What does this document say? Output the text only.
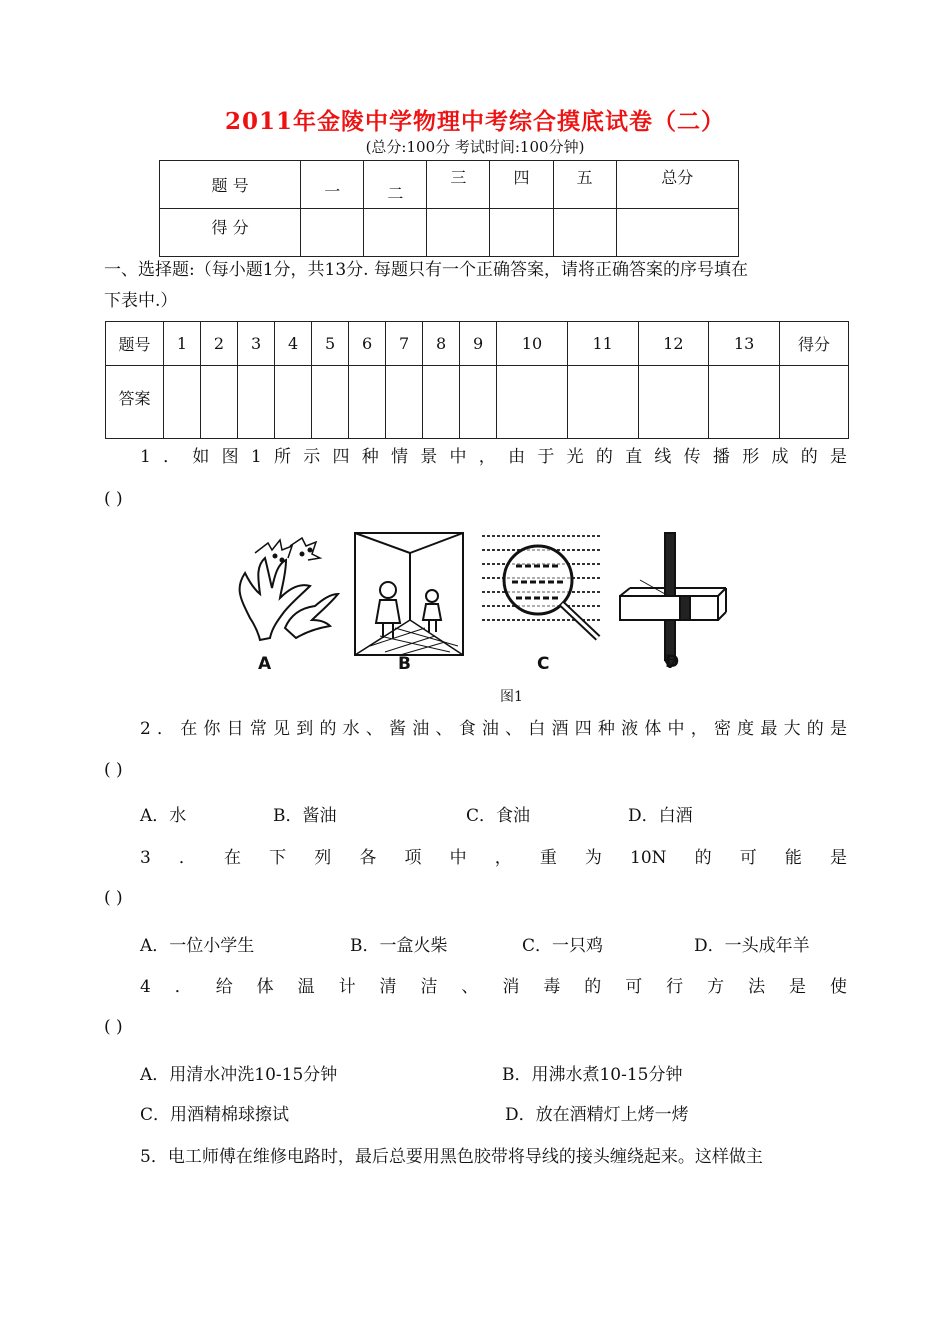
2011年金陵中学物理中考综合摸底试卷（二）
(总分:100分 考试时间:100分钟)
题 号	一	二	三	四	五	总分
得 分						
一、选择题:（每小题1分，共13分. 每题只有一个正确答案，请将正确答案的序号填在
下表中.）
题号	1	2	3	4	5	6	7	8	9	10	11	12	13	得分
答案														
1．如图1所示四种情景中，由于光的直线传播形成的是
( )
A	B	C	D
图1
2．在你日常见到的水、酱油、食油、白酒四种液体中，密度最大的是
( )
A．水	B．酱油	C．食油	D．白酒
3．在下列各项中，重为10N的可能是
( )
A．一位小学生	B．一盒火柴	C．一只鸡	D．一头成年羊
4．给体温计清洁、消毒的可行方法是使
( )
A．用清水冲洗10-15分钟	B．用沸水煮10-15分钟
C．用酒精棉球擦试	D．放在酒精灯上烤一烤
5．电工师傅在维修电路时，最后总要用黑色胶带将导线的接头缠绕起来。这样做主
